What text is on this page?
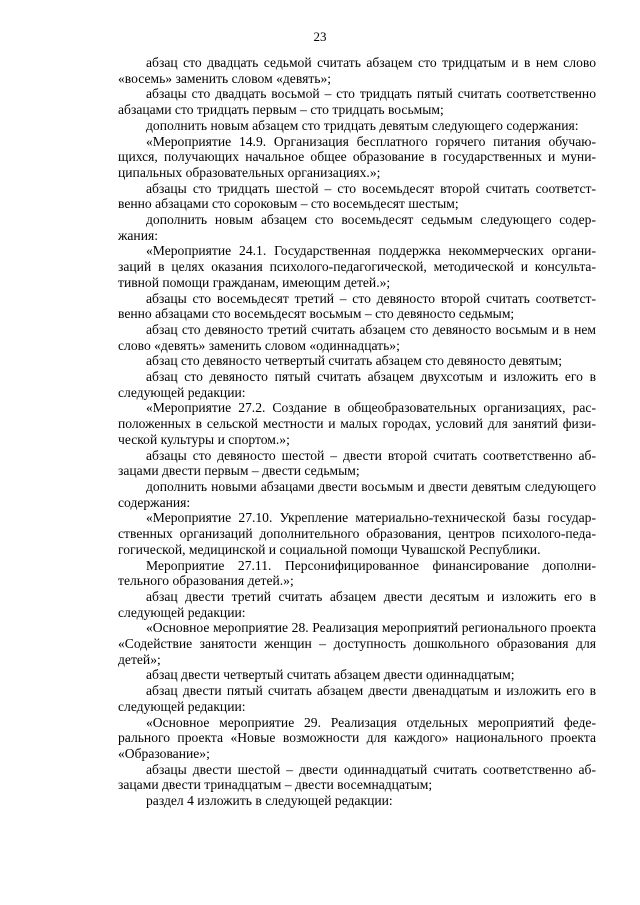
23

абзац сто двадцать седьмой считать абзацем сто тридцатым и в нем слово «восемь» заменить словом «девять»;

абзацы сто двадцать восьмой – сто тридцать пятый считать соответственно абзацами сто тридцать первым – сто тридцать восьмым;

дополнить новым абзацем сто тридцать девятым следующего содержания:

«Мероприятие 14.9. Организация бесплатного горячего питания обучающихся, получающих начальное общее образование в государственных и муниципальных образовательных организациях.»;

абзацы сто тридцать шестой – сто восемьдесят второй считать соответственно абзацами сто сороковым – сто восемьдесят шестым;

дополнить новым абзацем сто восемьдесят седьмым следующего содержания:

«Мероприятие 24.1. Государственная поддержка некоммерческих организаций в целях оказания психолого-педагогической, методической и консультативной помощи гражданам, имеющим детей.»;

абзацы сто восемьдесят третий – сто девяносто второй считать соответственно абзацами сто восемьдесят восьмым – сто девяносто седьмым;

абзац сто девяносто третий считать абзацем сто девяносто восьмым и в нем слово «девять» заменить словом «одиннадцать»;

абзац сто девяносто четвертый считать абзацем сто девяносто девятым;

абзац сто девяносто пятый считать абзацем двухсотым и изложить его в следующей редакции:

«Мероприятие 27.2. Создание в общеобразовательных организациях, расположенных в сельской местности и малых городах, условий для занятий физической культуры и спортом.»;

абзацы сто девяносто шестой – двести второй считать соответственно абзацами двести первым – двести седьмым;

дополнить новыми абзацами двести восьмым и двести девятым следующего содержания:

«Мероприятие 27.10. Укрепление материально-технической базы государственных организаций дополнительного образования, центров психолого-педагогической, медицинской и социальной помощи Чувашской Республики.

Мероприятие 27.11. Персонифицированное финансирование дополнительного образования детей.»;

абзац двести третий считать абзацем двести десятым и изложить его в следующей редакции:

«Основное мероприятие 28. Реализация мероприятий регионального проекта «Содействие занятости женщин – доступность дошкольного образования для детей»;

абзац двести четвертый считать абзацем двести одиннадцатым;

абзац двести пятый считать абзацем двести двенадцатым и изложить его в следующей редакции:

«Основное мероприятие 29. Реализация отдельных мероприятий федерального проекта «Новые возможности для каждого» национального проекта «Образование»;

абзацы двести шестой – двести одиннадцатый считать соответственно абзацами двести тринадцатым – двести восемнадцатым;

раздел 4 изложить в следующей редакции:
